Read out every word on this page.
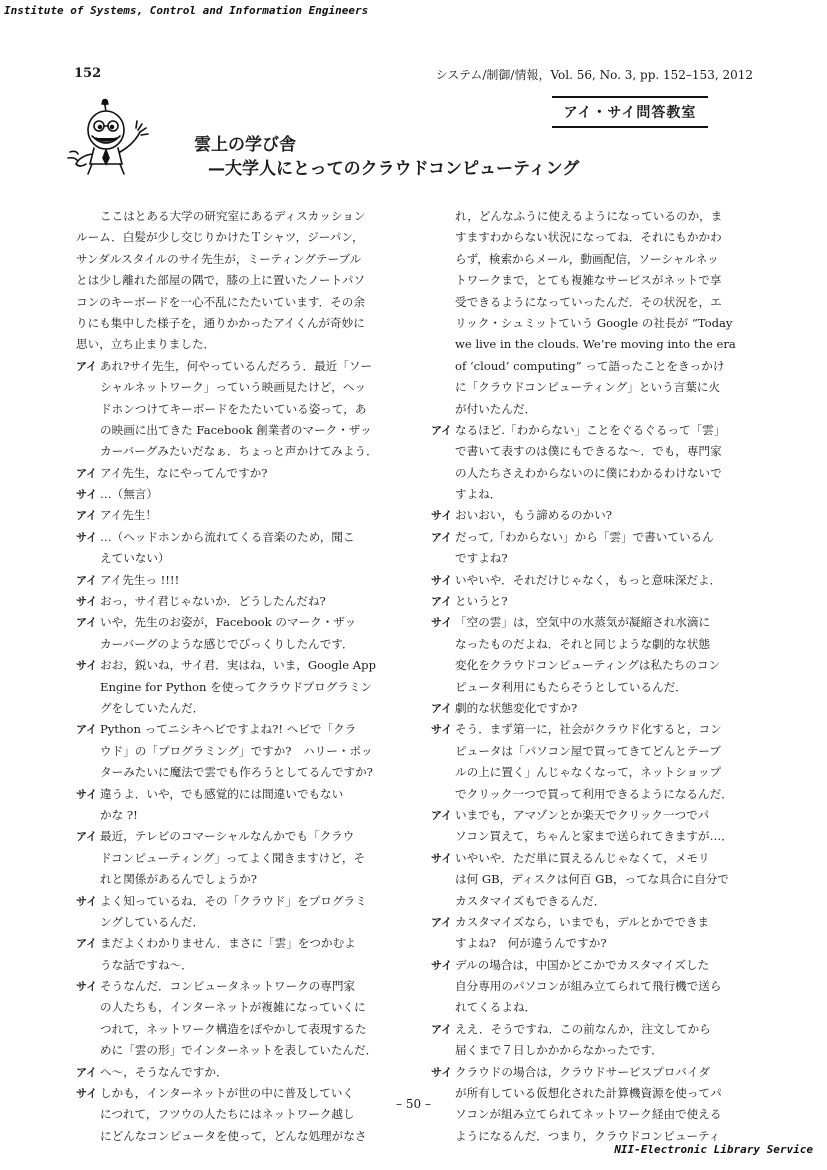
Institute of Systems, Control and Information Engineers
152	システム/制御/情報，Vol. 56, No. 3, pp. 152–153, 2012
アイ・サイ問答教室
雲上の学び舎
—大学人にとってのクラウドコンピューティング
ここはとある大学の研究室にあるディスカッション
ルーム．白髪が少し交じりかけたＴシャツ，ジーパン，
サンダルスタイルのサイ先生が，ミーティングテーブル
とは少し離れた部屋の隅で，膝の上に置いたノートパソ
コンのキーボードを一心不乱にたたいています．その余
りにも集中した様子を，通りかかったアイくんが奇妙に
思い，立ち止まりました．
アイ あれ?サイ先生，何やっているんだろう．最近「ソー
シャルネットワーク」っていう映画見たけど，ヘッ
ドホンつけてキーボードをたたいている姿って，あ
の映画に出てきた Facebook 創業者のマーク・ザッ
カーバーグみたいだなぁ．ちょっと声かけてみよう．
アイ アイ先生，なにやってんですか?
サイ …（無言）
アイ アイ先生！
サイ …（ヘッドホンから流れてくる音楽のため，聞こ
えていない）
アイ アイ先生っ !!!!
サイ おっ，サイ君じゃないか．どうしたんだね?
アイ いや，先生のお姿が，Facebook のマーク・ザッ
カーバーグのような感じでびっくりしたんです．
サイ おお，鋭いね，サイ君．実はね，いま，Google App
Engine for Python を使ってクラウドプログラミン
グをしていたんだ．
アイ Python ってニシキヘビですよね?! ヘビで「クラ
ウド」の「プログラミング」ですか?　ハリー・ポッ
ターみたいに魔法で雲でも作ろうとしてるんですか?
サイ 違うよ．いや，でも感覚的には間違いでもない
かな ?!
アイ 最近，テレビのコマーシャルなんかでも「クラウ
ドコンピューティング」ってよく聞きますけど，そ
れと関係があるんでしょうか?
サイ よく知っているね．その「クラウド」をプログラミ
ングしているんだ．
アイ まだよくわかりません．まさに「雲」をつかむよ
うな話ですね～．
サイ そうなんだ．コンピュータネットワークの専門家
の人たちも，インターネットが複雑になっていくに
つれて，ネットワーク構造をぼやかして表現するた
めに「雲の形」でインターネットを表していたんだ．
アイ へ～，そうなんですか．
サイ しかも，インターネットが世の中に普及していく
につれて，フツウの人たちにはネットワーク越し
にどんなコンピュータを使って，どんな処理がなさ
れ，どんなふうに使えるようになっているのか，ま
すますわからない状況になってね．それにもかかわ
らず，検索からメール，動画配信，ソーシャルネッ
トワークまで，とても複雑なサービスがネットで享
受できるようになっていったんだ．その状況を，エ
リック・シュミットていう Google の社長が “Today
we live in the clouds. We’re moving into the era
of ‘cloud’ computing” って語ったことをきっかけ
に「クラウドコンピューティング」という言葉に火
が付いたんだ．
アイ なるほど.「わからない」ことをぐるぐるって「雲」
で書いて表すのは僕にもできるな～．でも，専門家
の人たちさえわからないのに僕にわかるわけないで
すよね．
サイ おいおい，もう諦めるのかい?
アイ だって,「わからない」から「雲」で書いているん
ですよね?
サイ いやいや．それだけじゃなく，もっと意味深だよ．
アイ というと?
サイ 「空の雲」は，空気中の水蒸気が凝縮され水滴に
なったものだよね．それと同じような劇的な状態
変化をクラウドコンピューティングは私たちのコン
ピュータ利用にもたらそうとしているんだ．
アイ 劇的な状態変化ですか?
サイ そう．まず第一に，社会がクラウド化すると，コン
ピュータは「パソコン屋で買ってきてどんとテーブ
ルの上に置く」んじゃなくなって，ネットショップ
でクリック一つで買って利用できるようになるんだ．
アイ いまでも，アマゾンとか楽天でクリック一つでパ
ソコン買えて，ちゃんと家まで送られてきますが…．
サイ いやいや．ただ単に買えるんじゃなくて，メモリ
は何 GB，ディスクは何百 GB，ってな具合に自分で
カスタマイズもできるんだ．
アイ カスタマイズなら，いまでも，デルとかでできま
すよね?　何が違うんですか?
サイ デルの場合は，中国かどこかでカスタマイズした
自分専用のパソコンが組み立てられて飛行機で送ら
れてくるよね．
アイ ええ．そうですね．この前なんか，注文してから
届くまで７日しかかからなかったです．
サイ クラウドの場合は，クラウドサービスプロバイダ
が所有している仮想化された計算機資源を使ってパ
ソコンが組み立てられてネットワーク経由で使える
ようになるんだ．つまり，クラウドコンピューティ
– 50 –
NII-Electronic Library Service
